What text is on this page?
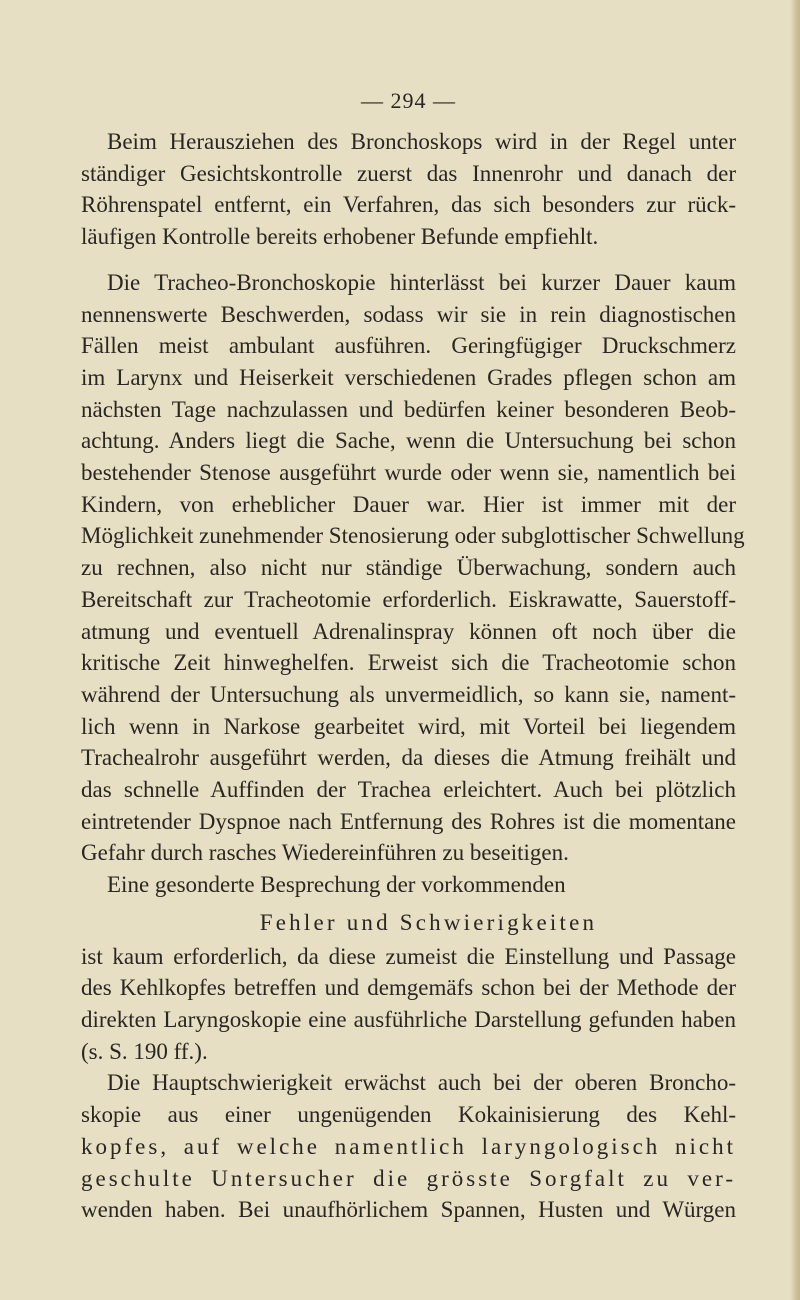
— 294 —
Beim Herausziehen des Bronchoskops wird in der Regel unter
ständiger Gesichtskontrolle zuerst das Innenrohr und danach der
Röhrenspatel entfernt, ein Verfahren, das sich besonders zur rück-
läufigen Kontrolle bereits erhobener Befunde empfiehlt.
Die Tracheo-Bronchoskopie hinterlässt bei kurzer Dauer kaum
nennenswerte Beschwerden, sodass wir sie in rein diagnostischen
Fällen meist ambulant ausführen. Geringfügiger Druckschmerz
im Larynx und Heiserkeit verschiedenen Grades pflegen schon am
nächsten Tage nachzulassen und bedürfen keiner besonderen Beob-
achtung. Anders liegt die Sache, wenn die Untersuchung bei schon
bestehender Stenose ausgeführt wurde oder wenn sie, namentlich bei
Kindern, von erheblicher Dauer war. Hier ist immer mit der
Möglichkeit zunehmender Stenosierung oder subglottischer Schwellung
zu rechnen, also nicht nur ständige Überwachung, sondern auch
Bereitschaft zur Tracheotomie erforderlich. Eiskrawatte, Sauerstoff-
atmung und eventuell Adrenalinspray können oft noch über die
kritische Zeit hinweghelfen. Erweist sich die Tracheotomie schon
während der Untersuchung als unvermeidlich, so kann sie, nament-
lich wenn in Narkose gearbeitet wird, mit Vorteil bei liegendem
Trachealrohr ausgeführt werden, da dieses die Atmung freihält und
das schnelle Auffinden der Trachea erleichtert. Auch bei plötzlich
eintretender Dyspnoe nach Entfernung des Rohres ist die momentane
Gefahr durch rasches Wiedereinführen zu beseitigen.
Eine gesonderte Besprechung der vorkommenden
Fehler und Schwierigkeiten
ist kaum erforderlich, da diese zumeist die Einstellung und Passage
des Kehlkopfes betreffen und demgemäfs schon bei der Methode der
direkten Laryngoskopie eine ausführliche Darstellung gefunden haben
(s. S. 190 ff.).
Die Hauptschwierigkeit erwächst auch bei der oberen Broncho-
skopie aus einer ungenügenden Kokainisierung des Kehl-
kopfes, auf welche namentlich laryngologisch nicht
geschulte Untersucher die grösste Sorgfalt zu ver-
wenden haben. Bei unaufhörlichem Spannen, Husten und Würgen
